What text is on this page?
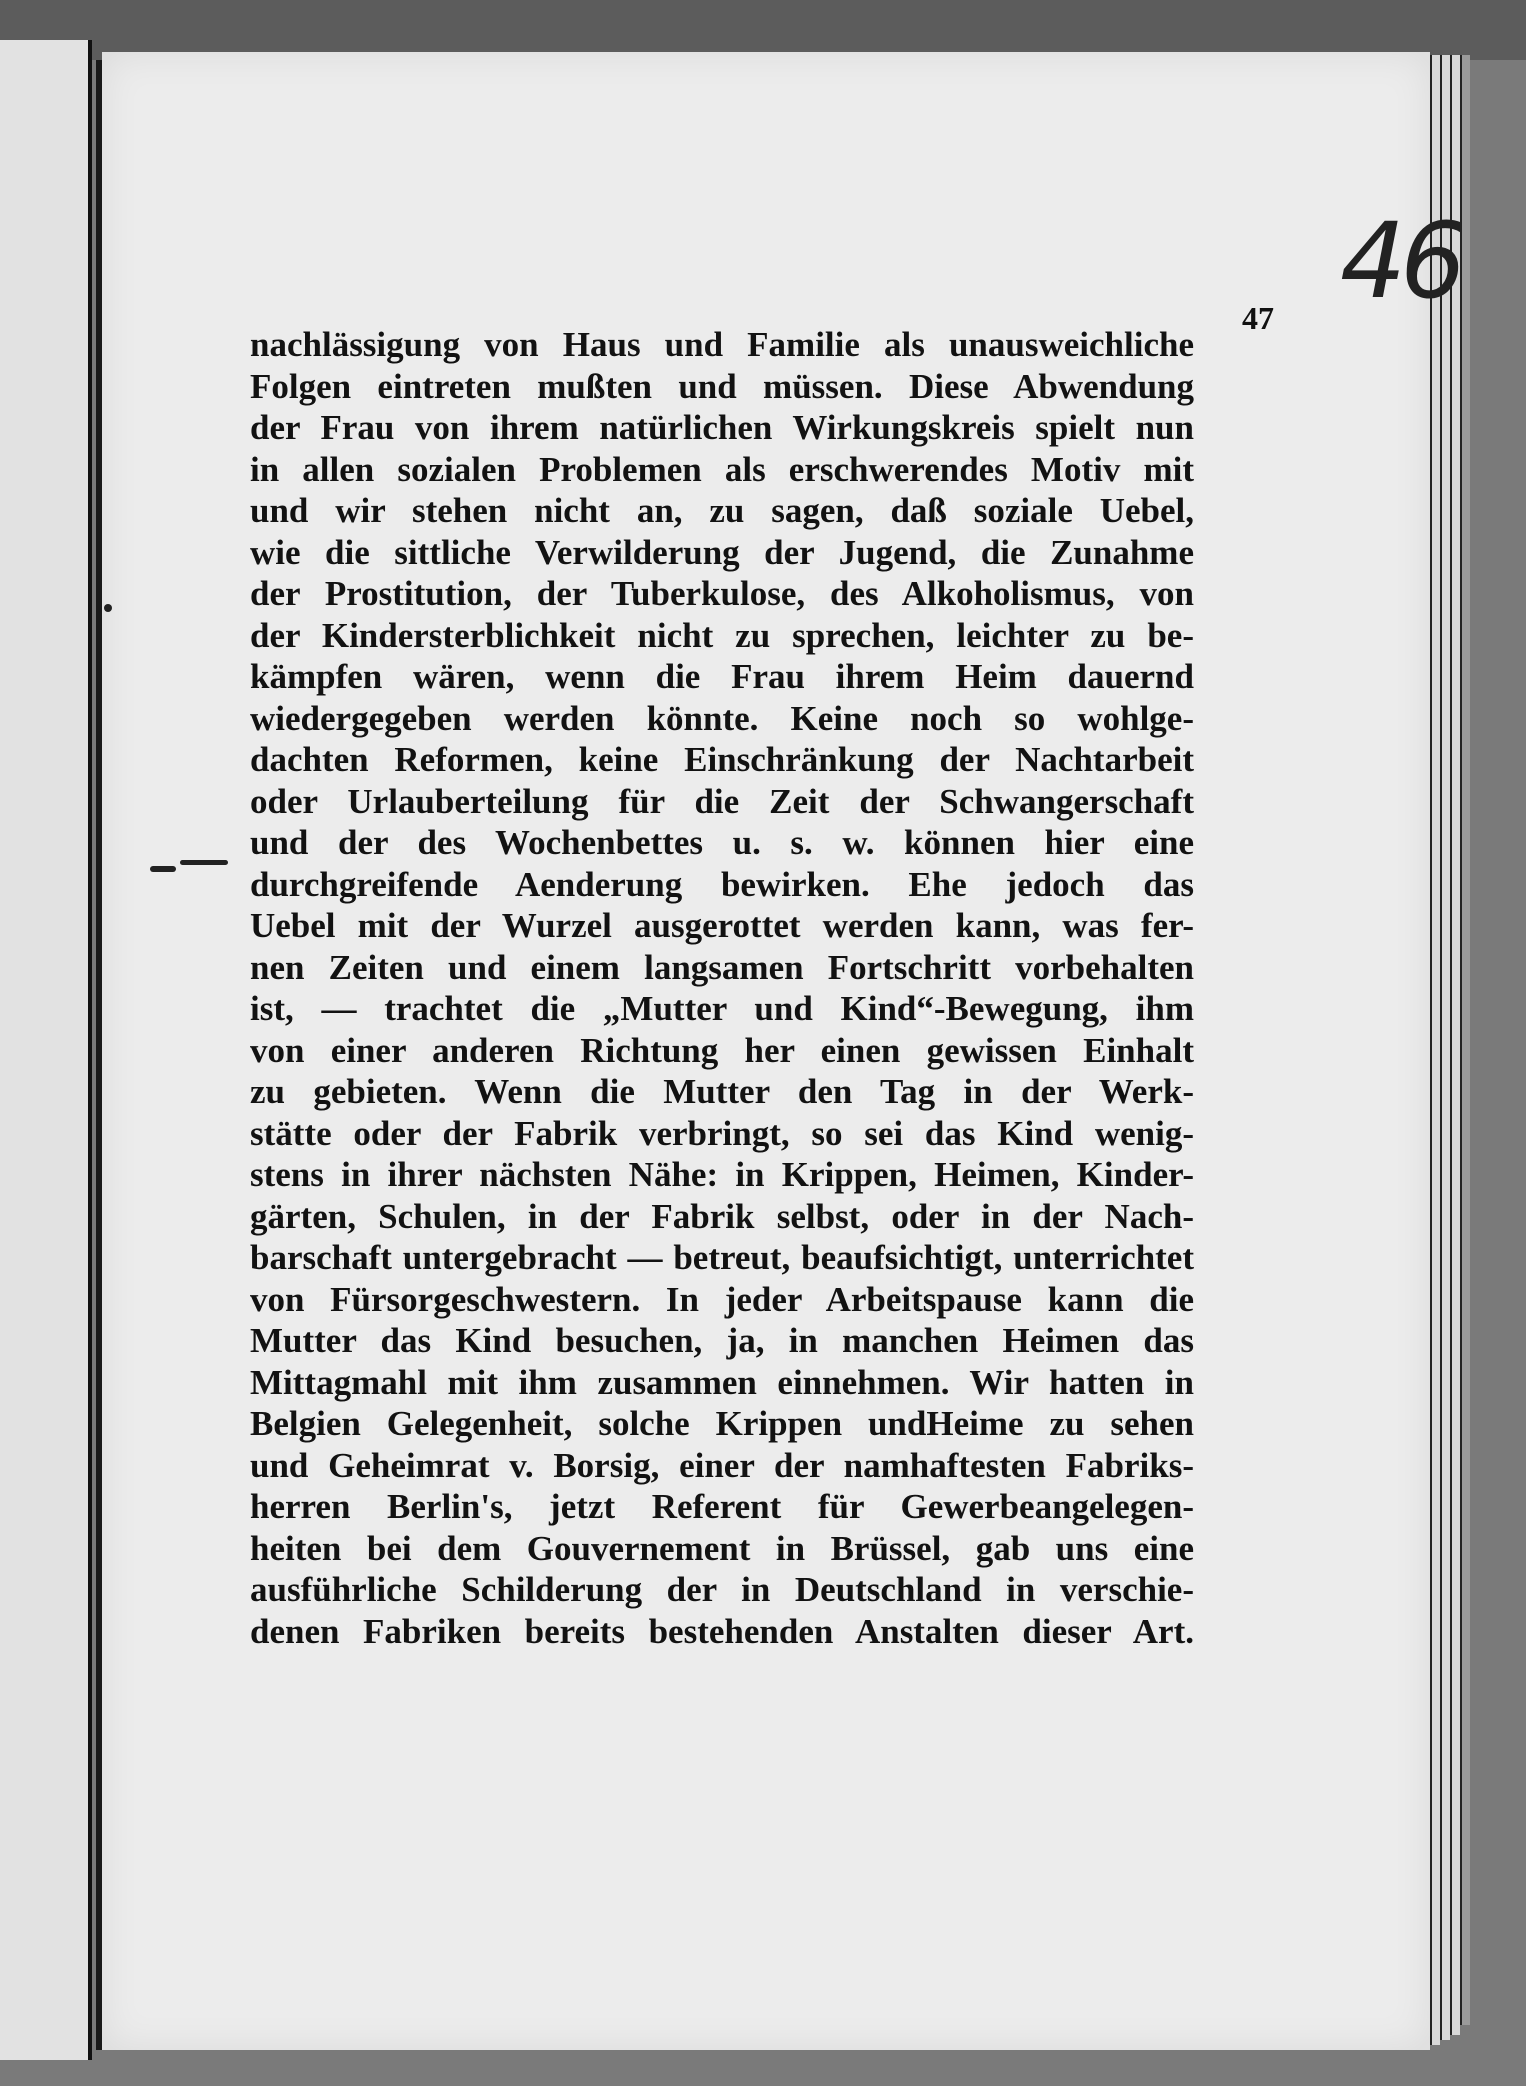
46
47
nachlässigung von Haus und Familie als unausweichliche
Folgen eintreten mußten und müssen. Diese Abwendung
der Frau von ihrem natürlichen Wirkungskreis spielt nun
in allen sozialen Problemen als erschwerendes Motiv mit
und wir stehen nicht an, zu sagen, daß soziale Uebel,
wie die sittliche Verwilderung der Jugend, die Zunahme
der Prostitution, der Tuberkulose, des Alkoholismus, von
der Kindersterblichkeit nicht zu sprechen, leichter zu be-
kämpfen wären, wenn die Frau ihrem Heim dauernd
wiedergegeben werden könnte. Keine noch so wohlge-
dachten Reformen, keine Einschränkung der Nachtarbeit
oder Urlauberteilung für die Zeit der Schwangerschaft
und der des Wochenbettes u. s. w. können hier eine
durchgreifende Aenderung bewirken. Ehe jedoch das
Uebel mit der Wurzel ausgerottet werden kann, was fer-
nen Zeiten und einem langsamen Fortschritt vorbehalten
ist, — trachtet die „Mutter und Kind“-Bewegung, ihm
von einer anderen Richtung her einen gewissen Einhalt
zu gebieten. Wenn die Mutter den Tag in der Werk-
stätte oder der Fabrik verbringt, so sei das Kind wenig-
stens in ihrer nächsten Nähe: in Krippen, Heimen, Kinder-
gärten, Schulen, in der Fabrik selbst, oder in der Nach-
barschaft untergebracht — betreut, beaufsichtigt, unterrichtet
von Fürsorgeschwestern. In jeder Arbeitspause kann die
Mutter das Kind besuchen, ja, in manchen Heimen das
Mittagmahl mit ihm zusammen einnehmen. Wir hatten in
Belgien Gelegenheit, solche Krippen undHeime zu sehen
und Geheimrat v. Borsig, einer der namhaftesten Fabriks-
herren Berlin's, jetzt Referent für Gewerbeangelegen-
heiten bei dem Gouvernement in Brüssel, gab uns eine
ausführliche Schilderung der in Deutschland in verschie-
denen Fabriken bereits bestehenden Anstalten dieser Art.
